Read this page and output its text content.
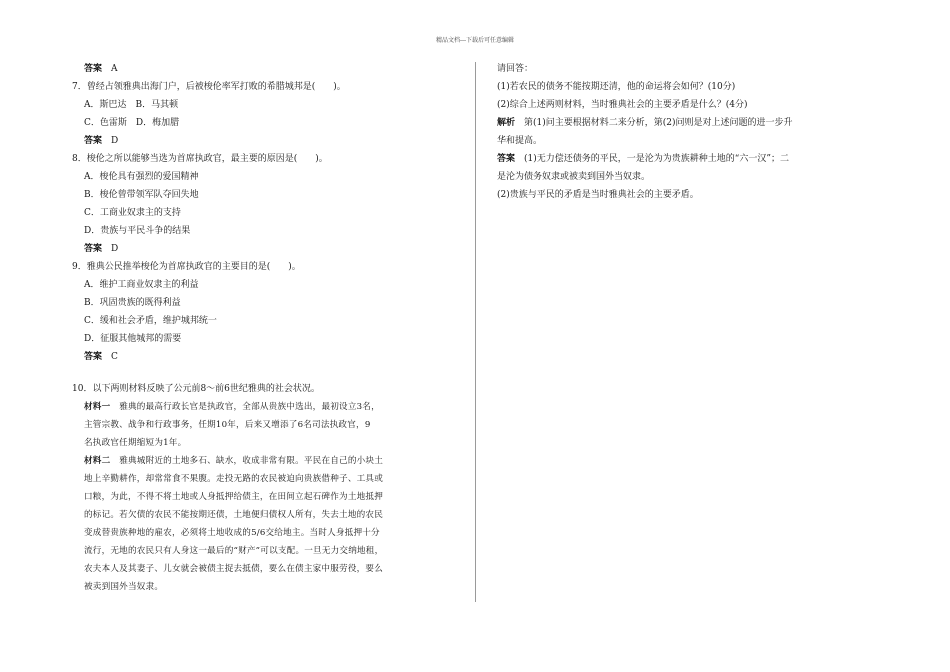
精品文档---下载后可任意编辑
答案　 A
7．曾经占领雅典出海门户，后被梭伦率军打败的希腊城邦是(　　)。
A．斯巴达　B．马其顿
C．色雷斯　D．梅加腊
答案　 D
8．梭伦之所以能够当选为首席执政官，最主要的原因是(　　)。
A．梭伦具有强烈的爱国精神
B．梭伦曾带领军队夺回失地
C．工商业奴隶主的支持
D．贵族与平民斗争的结果
答案　 D
9．雅典公民推举梭伦为首席执政官的主要目的是(　　)。
A．维护工商业奴隶主的利益
B．巩固贵族的既得利益
C．缓和社会矛盾，维护城邦统一
D．征服其他城邦的需要
答案　 C
10．以下两则材料反映了公元前8～前6世纪雅典的社会状况。
材料一　 雅典的最高行政长官是执政官，全部从贵族中选出，最初设立3名，
主管宗教、战争和行政事务，任期10年，后来又增添了6名司法执政官，9
名执政官任期缩短为1年。
材料二　 雅典城附近的土地多石、缺水，收成非常有限。平民在自己的小块土
地上辛勤耕作，却常常食不果腹。走投无路的农民被迫向贵族借种子、工具或
口粮，为此，不得不将土地或人身抵押给债主，在田间立起石碑作为土地抵押
的标记。若欠债的农民不能按期还债，土地便归债权人所有，失去土地的农民
变成替贵族种地的雇农，必须将土地收成的5/6交给地主。当时人身抵押十分
流行，无地的农民只有人身这一最后的“财产”可以支配。一旦无力交纳地租，
农夫本人及其妻子、儿女就会被债主捉去抵债，要么在债主家中服劳役，要么
被卖到国外当奴隶。
请回答：
(1)若农民的债务不能按期还清，他的命运将会如何？(10分)
(2)综合上述两则材料，当时雅典社会的主要矛盾是什么？(4分)
解析　 第(1)问主要根据材料二来分析，第(2)问则是对上述问题的进一步升
华和提高。
答案　 (1)无力偿还债务的平民，一是沦为为贵族耕种土地的“六一汉”；二
是沦为债务奴隶或被卖到国外当奴隶。
(2)贵族与平民的矛盾是当时雅典社会的主要矛盾。
